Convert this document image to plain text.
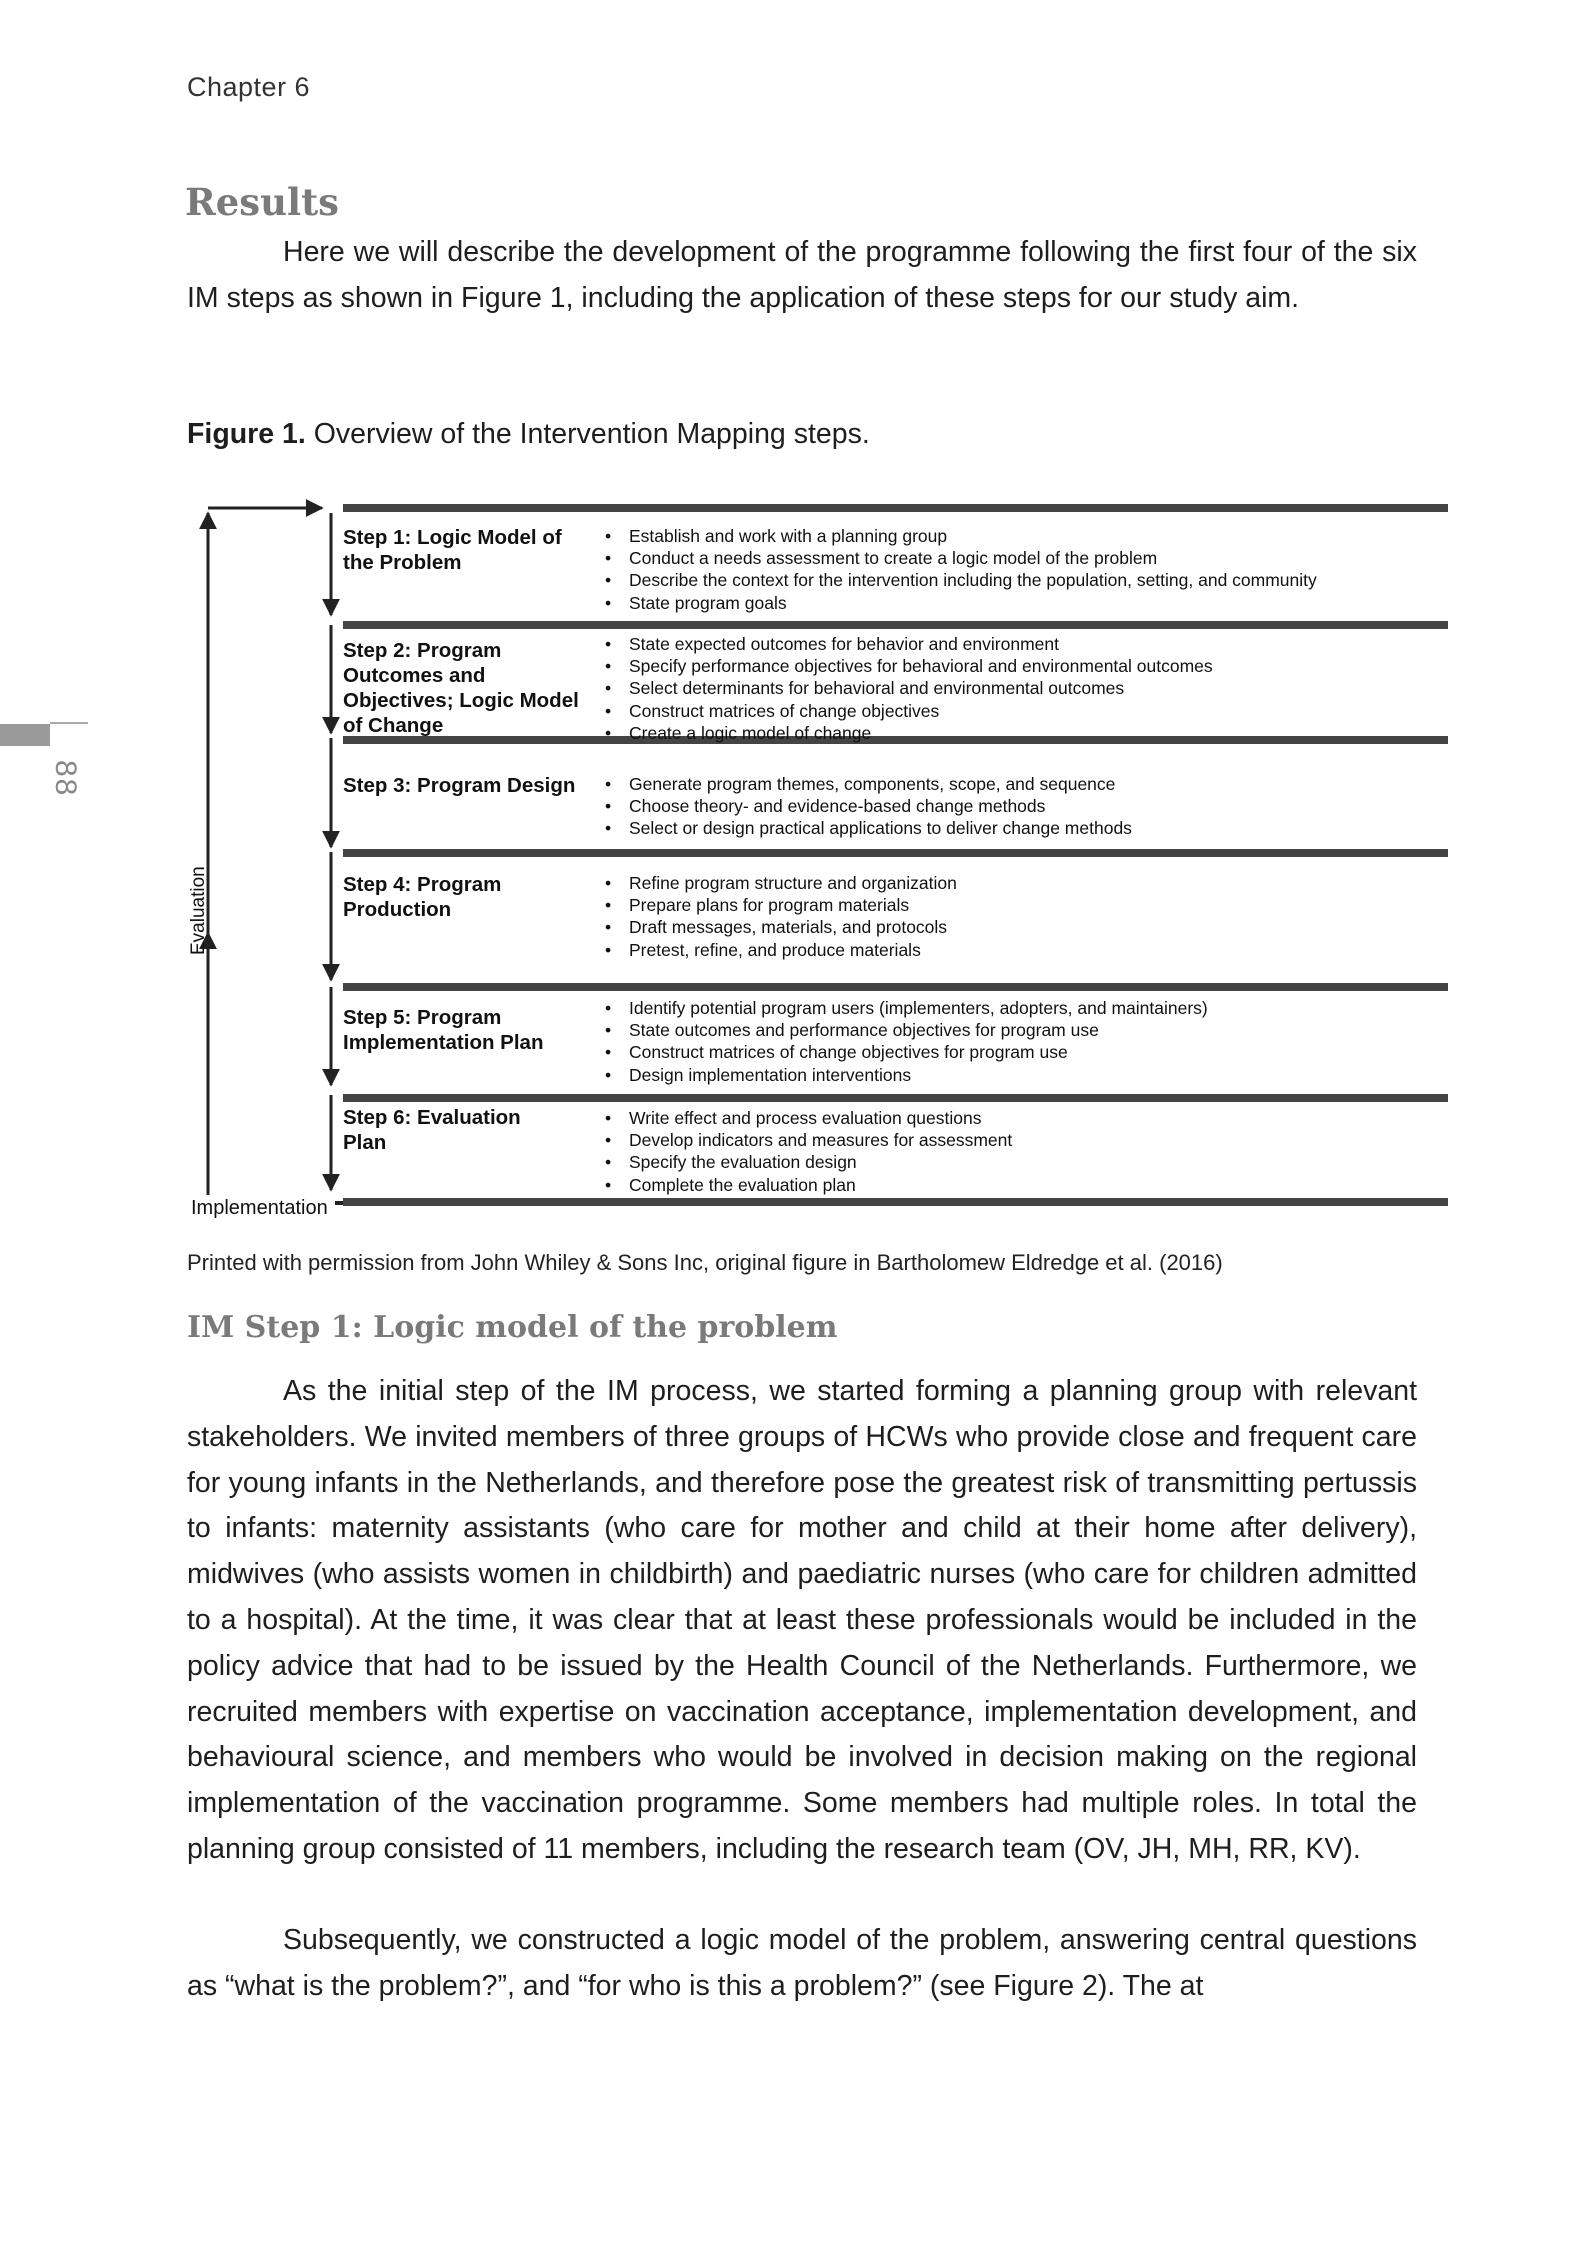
Chapter 6
88
Results

Here we will describe the development of the programme following the first four of the six IM steps as shown in Figure 1, including the application of these steps for our study aim.

Figure 1. Overview of the Intervention Mapping steps.
Step 1: Logic Model of the Problem
• Establish and work with a planning group
• Conduct a needs assessment to create a logic model of the problem
• Describe the context for the intervention including the population, setting, and community
• State program goals
Step 2: Program Outcomes and Objectives; Logic Model of Change
• State expected outcomes for behavior and environment
• Specify performance objectives for behavioral and environmental outcomes
• Select determinants for behavioral and environmental outcomes
• Construct matrices of change objectives
• Create a logic model of change
Step 3: Program Design
•	Generate program themes, components, scope, and sequence
• Choose theory- and evidence-based change methods
• Select or design practical applications to deliver change methods
Step 4: Program Production
• Refine program structure and organization
• Prepare plans for program materials
• Draft messages, materials, and protocols
• Pretest, refine, and produce materials
Step 5: Program Implementation Plan
• Identify potential program users (implementers, adopters, and maintainers)
• State outcomes and performance objectives for program use
• Construct matrices of change objectives for program use
• Design implementation interventions
Step 6: Evaluation Plan
• Write effect and process evaluation questions
• Develop indicators and measures for assessment
• Specify the evaluation design
• Complete the evaluation plan
Evaluation
Implementation
Printed with permission from John Whiley & Sons Inc, original figure in Bartholomew Eldredge et al. (2016)
IM Step 1: Logic model of the problem

As the initial step of the IM process, we started forming a planning group with relevant stakeholders. We invited members of three groups of HCWs who provide close and frequent care for young infants in the Netherlands, and therefore pose the greatest risk of transmitting pertussis to infants: maternity assistants (who care for mother and child at their home after delivery), midwives (who assists women in childbirth) and paediatric nurses (who care for children admitted to a hospital). At the time, it was clear that at least these professionals would be included in the policy advice that had to be issued by the Health Council of the Netherlands. Furthermore, we recruited members with expertise on vaccination acceptance, implementation development, and behavioural science, and members who would be involved in decision making on the regional implementation of the vaccination programme. Some members had multiple roles. In total the planning group consisted of 11 members, including the research team (OV, JH, MH, RR, KV).

Subsequently, we constructed a logic model of the problem, answering central questions as “what is the problem?”, and “for who is this a problem?” (see Figure 2). The at
